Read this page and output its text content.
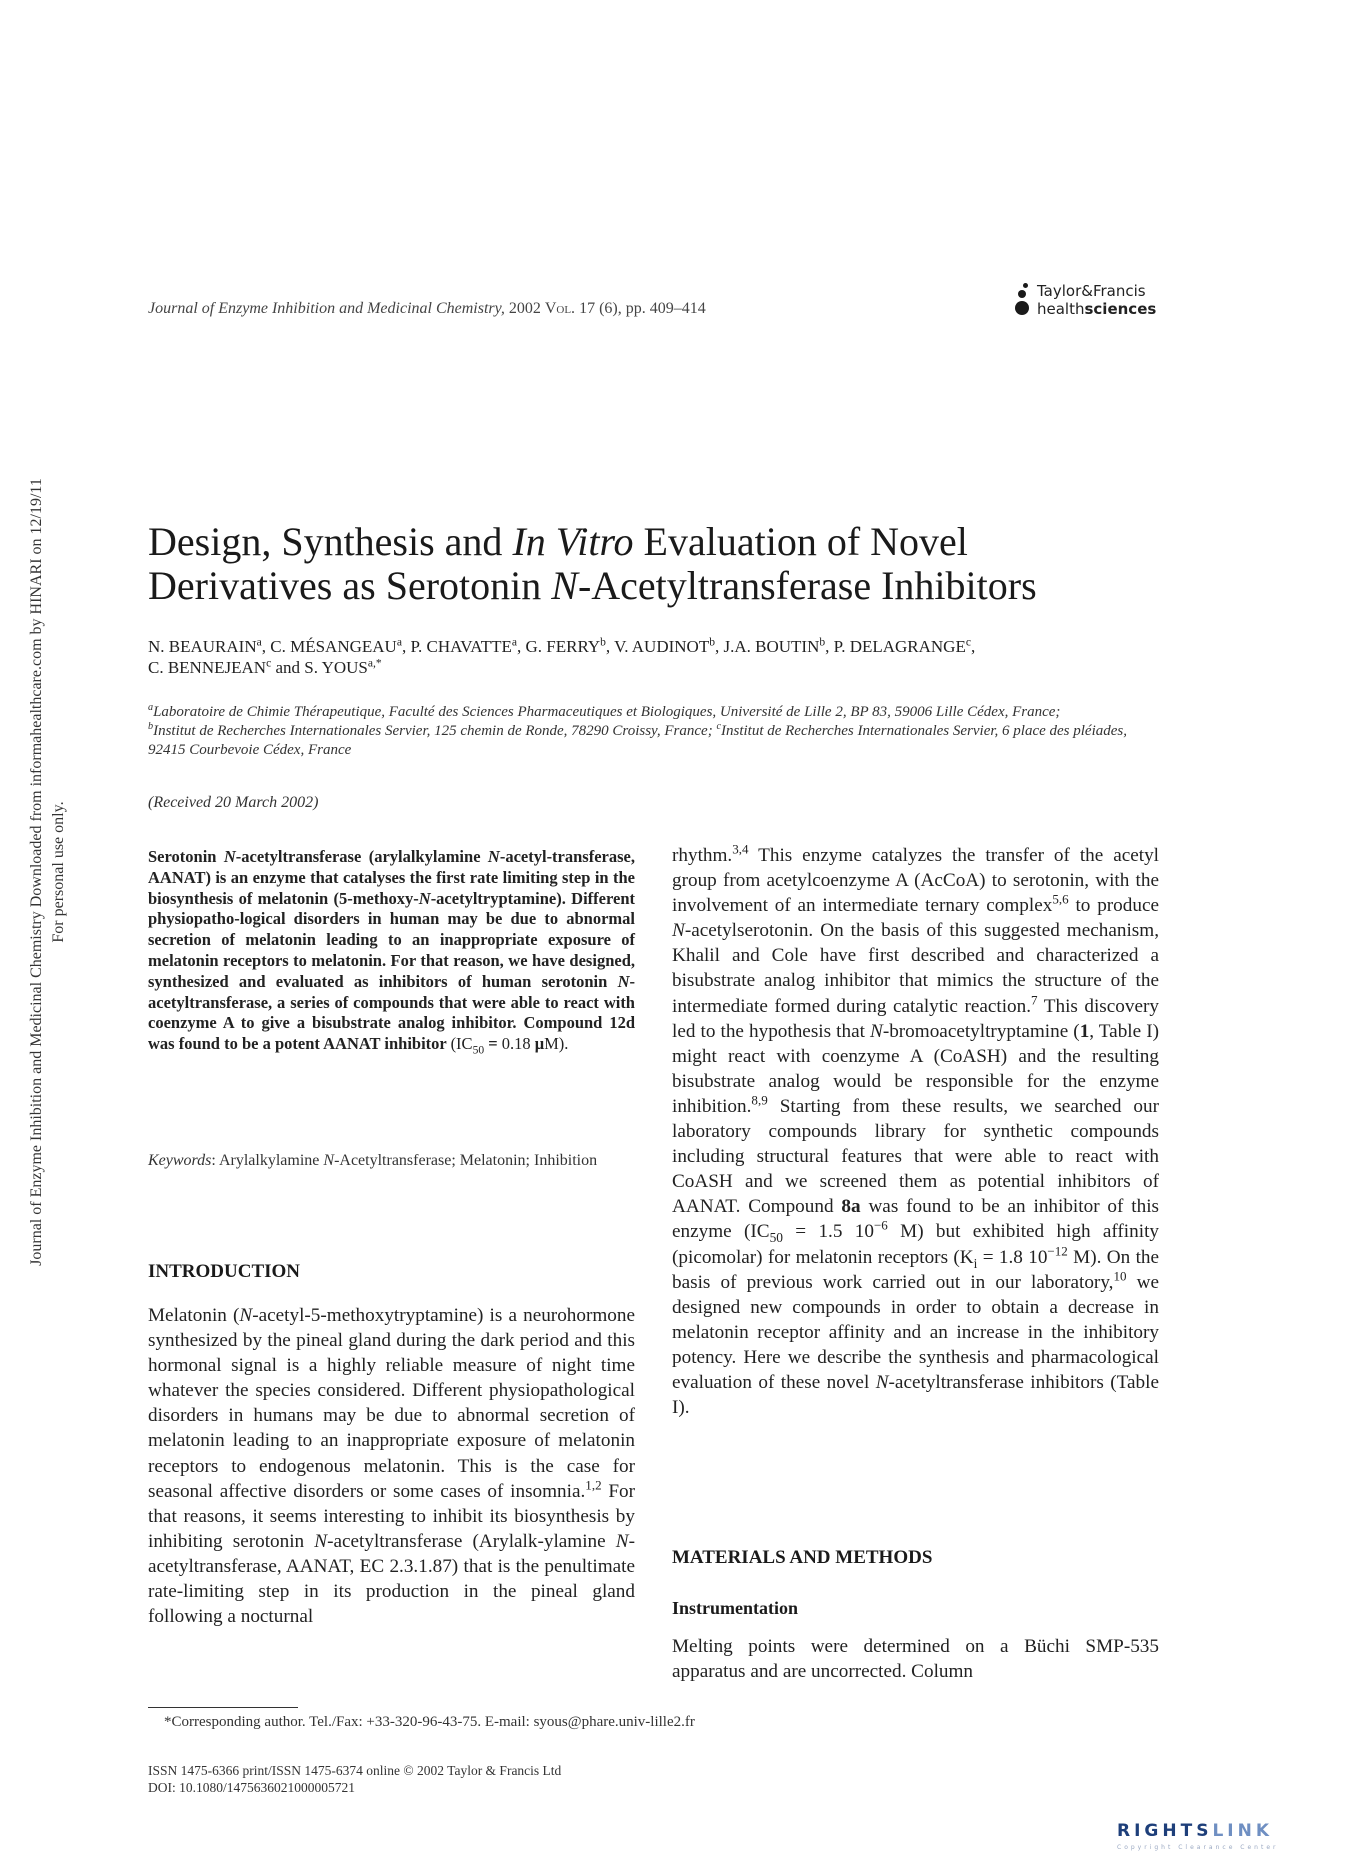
Journal of Enzyme Inhibition and Medicinal Chemistry Downloaded from informahealthcare.com by HINARI on 12/19/11 For personal use only.
Journal of Enzyme Inhibition and Medicinal Chemistry, 2002 Vol. 17 (6), pp. 409–414
Taylor&Francis
healthsciences
Design, Synthesis and In Vitro Evaluation of Novel
Derivatives as Serotonin N-Acetyltransferase Inhibitors
N. BEAURAIN$^a$, C. MÉSANGEAU$^a$, P. CHAVATTE$^a$, G. FERRY$^b$, V. AUDINOT$^b$, J.A. BOUTIN$^b$, P. DELAGRANGE$^c$,
C. BENNEJEAN$^c$ and S. $YOUS^{a,*}$
$^a$Laboratoire de Chimie Thérapeutique, Faculté des Sciences Pharmaceutiques et Biologiques, Université de Lille 2, BP 83, 59006 Lille Cédex, France;
$^b$Institut de Recherches Internationales Servier, 125 chemin de Ronde, 78290 Croissy, France; $^c$Institut de Recherches Internationales Servier, 6 place des pléiades, 92415 Courbevoie Cédex, France
(Received 20 March 2002)
Serotonin N-acetyltransferase (arylalkylamine N-acetyl-transferase, AANAT) is an enzyme that catalyses the first rate limiting step in the biosynthesis of melatonin (5-methoxy-N-acetyltryptamine). Different physiopatho-logical disorders in human may be due to abnormal secretion of melatonin leading to an inappropriate exposure of melatonin receptors to melatonin. For that reason, we have designed, synthesized and evaluated as inhibitors of human serotonin N-acetyltransferase, a series of compounds that were able to react with coenzyme A to give a bisubstrate analog inhibitor. Compound 12d was found to be a potent AANAT inhibitor ($IC_{50} = 0.18$ μM).
Keywords: Arylalkylamine N-Acetyltransferase; Melatonin; Inhibition
INTRODUCTION
Melatonin (N-acetyl-5-methoxytryptamine) is a neurohormone synthesized by the pineal gland during the dark period and this hormonal signal is a highly reliable measure of night time whatever the species considered. Different physiopathological disorders in humans may be due to abnormal secretion of melatonin leading to an inappropriate exposure of melatonin receptors to endogenous melatonin. This is the case for seasonal affective disorders or some cases of insomnia.$^{1,2}$ For that reasons, it seems interesting to inhibit its biosynthesis by inhibiting serotonin N-acetyltransferase (Arylalk-ylamine N-acetyltransferase, AANAT, EC 2.3.1.87) that is the penultimate rate-limiting step in its production in the pineal gland following a nocturnal
rhythm.$^{3,4}$ This enzyme catalyzes the transfer of the acetyl group from acetylcoenzyme A (AcCoA) to serotonin, with the involvement of an intermediate ternary complex$^{5,6}$ to produce N-acetylserotonin. On the basis of this suggested mechanism, Khalil and Cole have first described and characterized a bisubstrate analog inhibitor that mimics the structure of the intermediate formed during catalytic reaction.$^7$ This discovery led to the hypothesis that N-bromoacetyltryptamine (1, Table I) might react with coenzyme A (CoASH) and the resulting bisubstrate analog would be responsible for the enzyme inhibition.$^{8,9}$ Starting from these results, we searched our laboratory compounds library for synthetic compounds including structural features that were able to react with CoASH and we screened them as potential inhibitors of AANAT. Compound 8a was found to be an inhibitor of this enzyme ($IC_{50} = 1.5$ $10^{-6}$ M) but exhibited high affinity (picomolar) for melatonin receptors ($K_i = 1.8$ $10^{-12}$ M). On the basis of previous work carried out in our laboratory,$^{10}$ we designed new compounds in order to obtain a decrease in melatonin receptor affinity and an increase in the inhibitory potency. Here we describe the synthesis and pharmacological evaluation of these novel N-acetyltransferase inhibitors (Table I).
MATERIALS AND METHODS
Instrumentation
Melting points were determined on a Büchi SMP-535 apparatus and are uncorrected. Column
*Corresponding author. Tel./Fax: +33-320-96-43-75. E-mail: syous@phare.univ-lille2.fr
ISSN 1475-6366 print/ISSN 1475-6374 online © 2002 Taylor & Francis Ltd
DOI: 10.1080/1475636021000005721
RIGHTSLINK
Copyright Clearance Center
